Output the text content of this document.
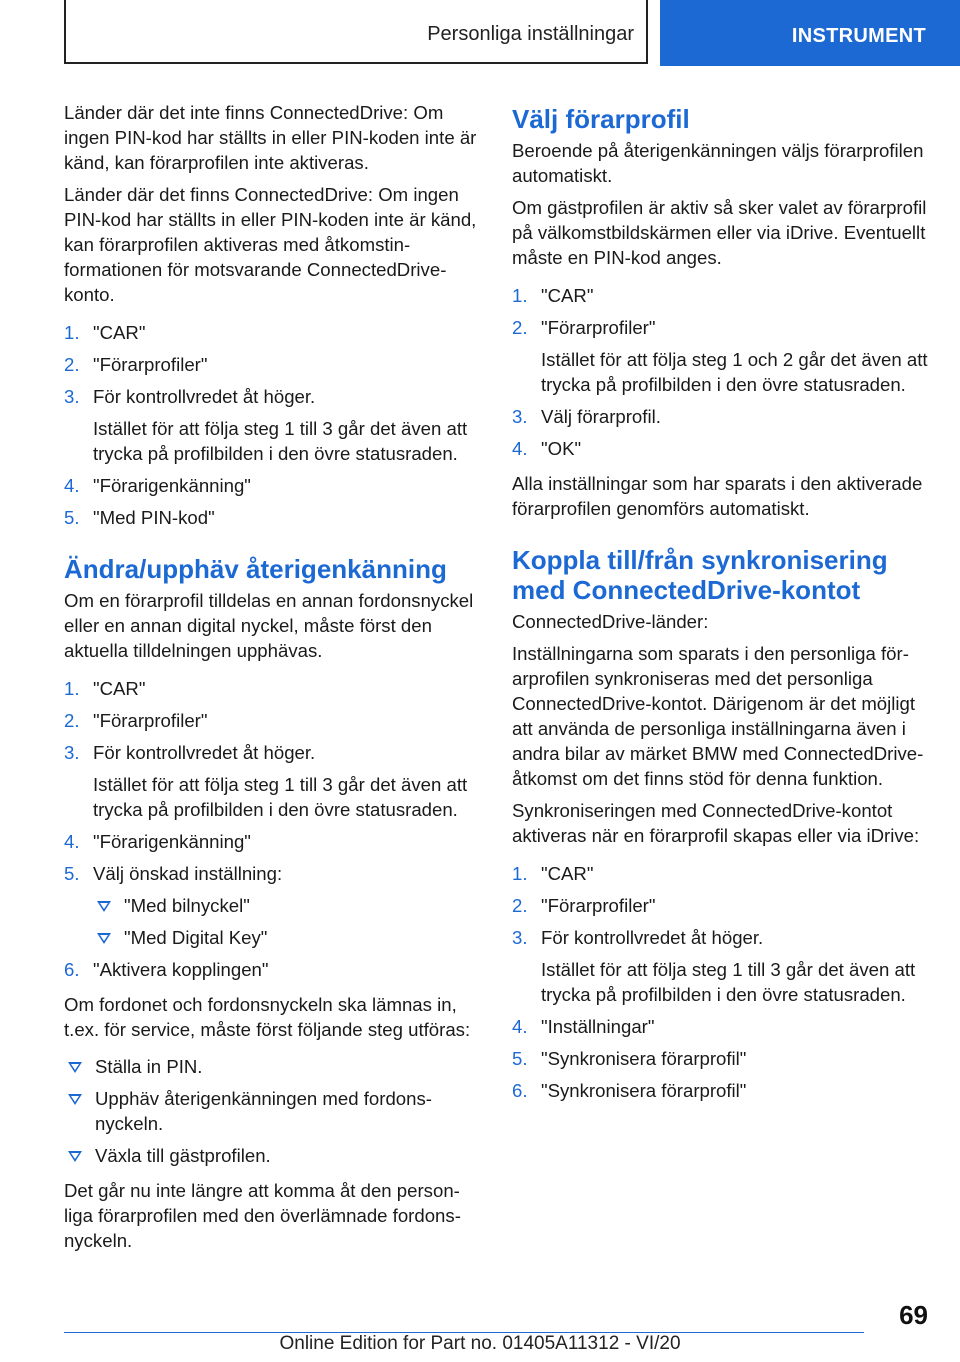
Personliga inställningar	INSTRUMENT

Länder där det inte finns ConnectedDrive: Om ingen PIN-kod har ställts in eller PIN-koden inte är känd, kan förarprofilen inte aktiveras.

Länder där det finns ConnectedDrive: Om ingen PIN-kod har ställts in eller PIN-koden inte är känd, kan förarprofilen aktiveras med åtkomstinformationen för motsvarande ConnectedDrive-konto.

1. "CAR"
2. "Förarprofiler"
3. För kontrollvredet åt höger.
Istället för att följa steg 1 till 3 går det även att trycka på profilbilden i den övre statusraden.
4. "Förarigenkänning"
5. "Med PIN-kod"
Ändra/upphäv återigenkänning

Om en förarprofil tilldelas en annan fordonsnyckel eller en annan digital nyckel, måste först den aktuella tilldelningen upphävas.

1. "CAR"
2. "Förarprofiler"
3. För kontrollvredet åt höger.
Istället för att följa steg 1 till 3 går det även att trycka på profilbilden i den övre statusraden.
4. "Förarigenkänning"
5. Välj önskad inställning:
"Med bilnyckel"
"Med Digital Key"
6. "Aktivera kopplingen"

Om fordonet och fordonsnyckeln ska lämnas in, t.ex. för service, måste först följande steg utföras:

Ställa in PIN.
Upphäv återigenkänningen med fordonsnyckeln.
Växla till gästprofilen.

Det går nu inte längre att komma åt den personliga förarprofilen med den överlämnade fordonsnyckeln.

Välj förarprofil

Beroende på återigenkänningen väljs förarprofilen automatiskt.

Om gästprofilen är aktiv så sker valet av förarprofil på välkomstbildskärmen eller via iDrive. Eventuellt måste en PIN-kod anges.

1. "CAR"
2. "Förarprofiler"
Istället för att följa steg 1 och 2 går det även att trycka på profilbilden i den övre statusraden.
3. Välj förarprofil.
4. "OK"

Alla inställningar som har sparats i den aktiverade förarprofilen genomförs automatiskt.

Koppla till/från synkronisering med ConnectedDrive-kontot

ConnectedDrive-länder:

Inställningarna som sparats i den personliga förarprofilen synkroniseras med det personliga ConnectedDrive-kontot. Därigenom är det möjligt att använda de personliga inställningarna även i andra bilar av märket BMW med ConnectedDrive-åtkomst om det finns stöd för denna funktion.

Synkroniseringen med ConnectedDrive-kontot aktiveras när en förarprofil skapas eller via iDrive:

1. "CAR"
2. "Förarprofiler"
3. För kontrollvredet åt höger.
Istället för att följa steg 1 till 3 går det även att trycka på profilbilden i den övre statusraden.
4. "Inställningar"
5. "Synkronisera förarprofil"
6. "Synkronisera förarprofil"
69
Online Edition for Part no. 01405A11312 - VI/20
